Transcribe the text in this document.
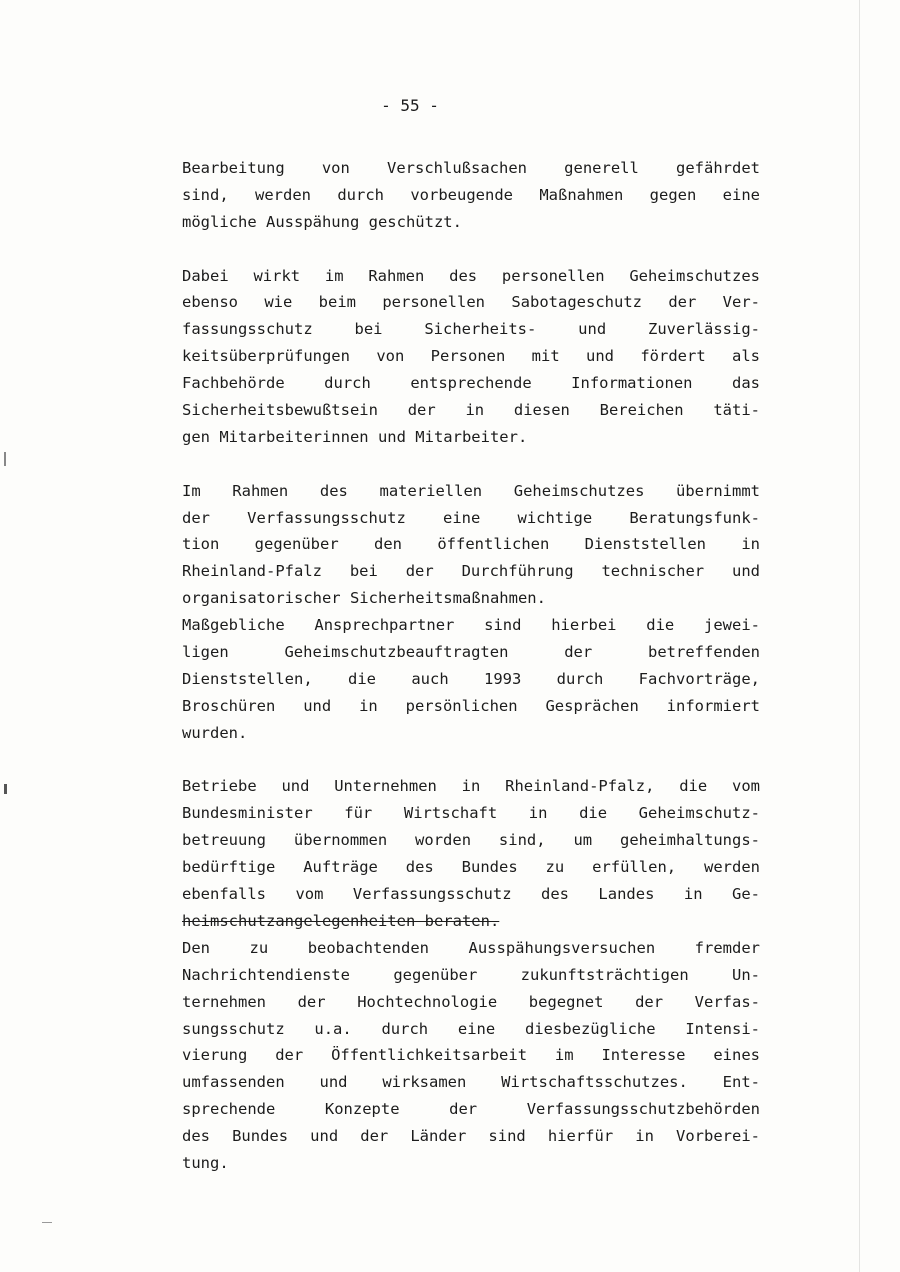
- 55 -
Bearbeitung von Verschlußsachen generell gefährdet
sind, werden durch vorbeugende Maßnahmen gegen eine
mögliche Ausspähung geschützt.
Dabei wirkt im Rahmen des personellen Geheimschutzes
ebenso wie beim personellen Sabotageschutz der Ver-
fassungsschutz bei Sicherheits- und Zuverlässig-
keitsüberprüfungen von Personen mit und fördert als
Fachbehörde durch entsprechende Informationen das
Sicherheitsbewußtsein der in diesen Bereichen täti-
gen Mitarbeiterinnen und Mitarbeiter.
Im Rahmen des materiellen Geheimschutzes übernimmt
der Verfassungsschutz eine wichtige Beratungsfunk-
tion gegenüber den öffentlichen Dienststellen in
Rheinland-Pfalz bei der Durchführung technischer und
organisatorischer Sicherheitsmaßnahmen.
Maßgebliche Ansprechpartner sind hierbei die jewei-
ligen Geheimschutzbeauftragten der betreffenden
Dienststellen, die auch 1993 durch Fachvorträge,
Broschüren und in persönlichen Gesprächen informiert
wurden.
Betriebe und Unternehmen in Rheinland-Pfalz, die vom
Bundesminister für Wirtschaft in die Geheimschutz-
betreuung übernommen worden sind, um geheimhaltungs-
bedürftige Aufträge des Bundes zu erfüllen, werden
ebenfalls vom Verfassungsschutz des Landes in Ge-
heimschutzangelegenheiten beraten.
Den zu beobachtenden Ausspähungsversuchen fremder
Nachrichtendienste gegenüber zukunftsträchtigen Un-
ternehmen der Hochtechnologie begegnet der Verfas-
sungsschutz u.a. durch eine diesbezügliche Intensi-
vierung der Öffentlichkeitsarbeit im Interesse eines
umfassenden und wirksamen Wirtschaftsschutzes. Ent-
sprechende Konzepte der Verfassungsschutzbehörden
des Bundes und der Länder sind hierfür in Vorberei-
tung.
